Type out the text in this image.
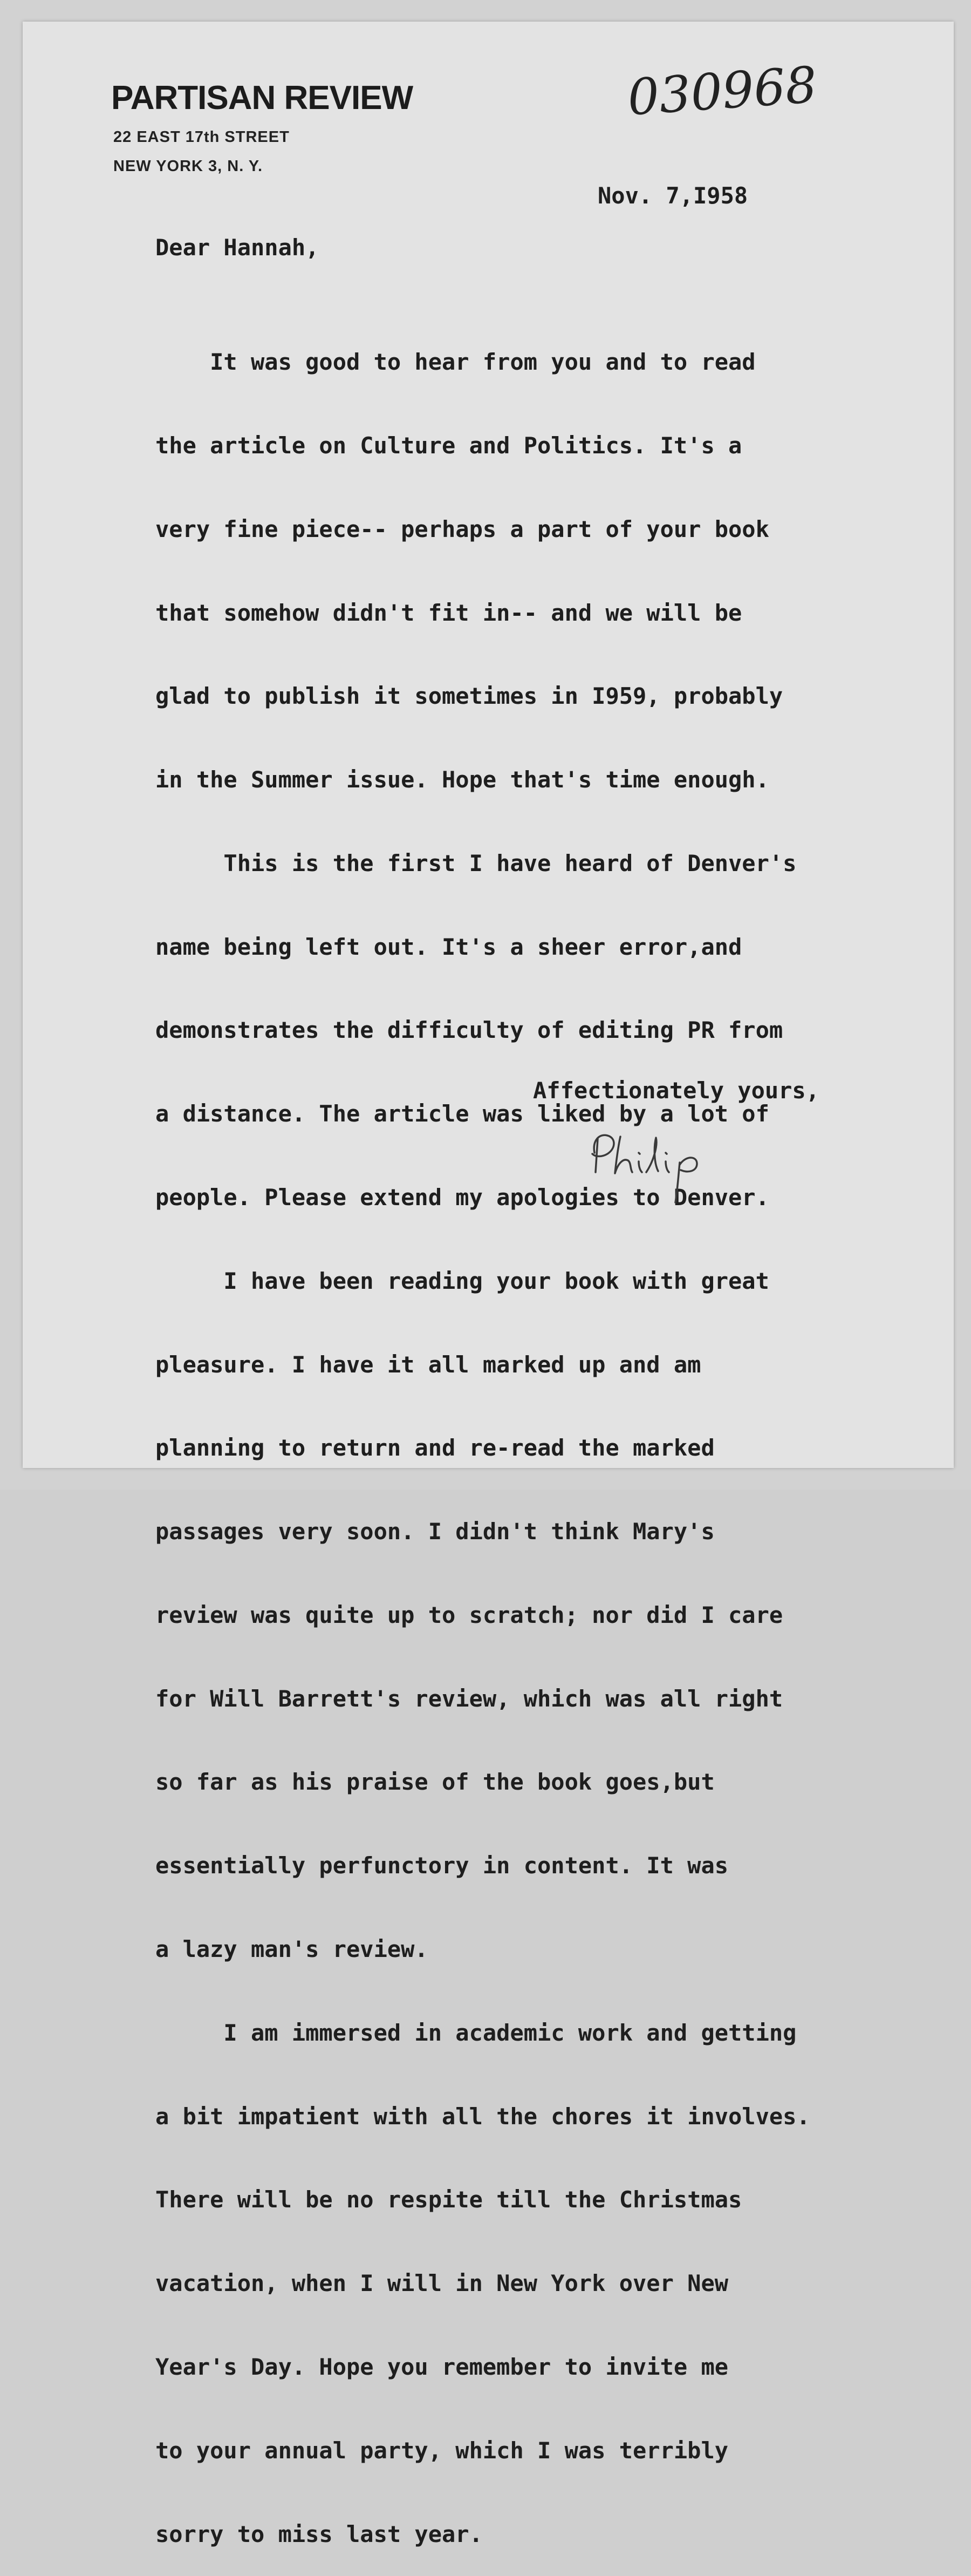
PARTISAN REVIEW
22 EAST 17th STREET
NEW YORK 3, N. Y.
030968
Nov. 7,I958
Dear Hannah,

It was good to hear from you and to read

the article on Culture and Politics. It's a

very fine piece-- perhaps a part of your book

that somehow didn't fit in-- and we will be

glad to publish it sometimes in I959, probably

in the Summer issue. Hope that's time enough.

This is the first I have heard of Denver's

name being left out. It's a sheer error,and

demonstrates the difficulty of editing PR from

a distance. The article was liked by a lot of

people. Please extend my apologies to Denver.

I have been reading your book with great

pleasure. I have it all marked up and am

planning to return and re-read the marked

passages very soon. I didn't think Mary's

review was quite up to scratch; nor did I care

for Will Barrett's review, which was all right

so far as his praise of the book goes,but

essentially perfunctory in content. It was

a lazy man's review.

I am immersed in academic work and getting

a bit impatient with all the chores it involves.

There will be no respite till the Christmas

vacation, when I will in New York over New

Year's Day. Hope you remember to invite me

to your annual party, which I was terribly

sorry to miss last year.

Affectionately yours,
